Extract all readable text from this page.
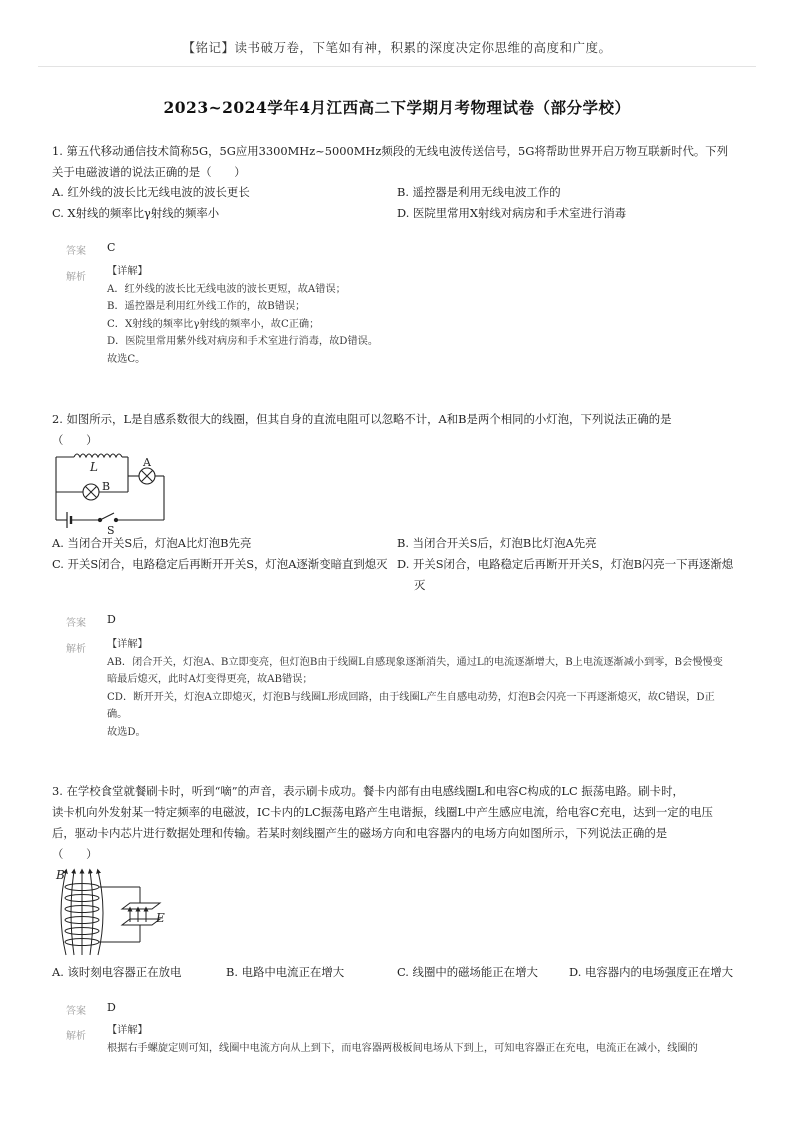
【铭记】读书破万卷，下笔如有神，积累的深度决定你思维的高度和广度。
2023~2024学年4月江西高二下学期月考物理试卷（部分学校）
1. 第五代移动通信技术简称5G，5G应用3300MHz~5000MHz频段的无线电波传送信号，5G将帮助世界开启万物互联新时代。下列
关于电磁波谱的说法正确的是（　　）
A. 红外线的波长比无线电波的波长更长	B. 遥控器是利用无线电波工作的
C. X射线的频率比γ射线的频率小	D. 医院里常用X射线对病房和手术室进行消毒
答案 C
解析
【详解】
A．红外线的波长比无线电波的波长更短，故A错误；
B．遥控器是利用红外线工作的，故B错误；
C．X射线的频率比γ射线的频率小，故C正确；
D．医院里常用紫外线对病房和手术室进行消毒，故D错误。
故选C。
2. 如图所示，L是自感系数很大的线圈，但其自身的直流电阻可以忽略不计，A和B是两个相同的小灯泡，下列说法正确的是
（　　）
L	A
B
S
A. 当闭合开关S后，灯泡A比灯泡B先亮	B. 当闭合开关S后，灯泡B比灯泡A先亮
C. 开关S闭合，电路稳定后再断开开关S，灯泡A逐渐变暗直到熄灭 D. 开关S闭合，电路稳定后再断开开关S，灯泡B闪亮一下再逐渐熄
灭
答案 D
解析 【详解】
AB．闭合开关，灯泡A、B立即变亮，但灯泡B由于线圈L自感现象逐渐消失，通过L的电流逐渐增大，B上电流逐渐减小到零，B会慢慢变
暗最后熄灭，此时A灯变得更亮，故AB错误；
CD．断开开关，灯泡A立即熄灭，灯泡B与线圈L形成回路，由于线圈L产生自感电动势，灯泡B会闪亮一下再逐渐熄灭，故C错误，D正
确。
故选D。
3. 在学校食堂就餐刷卡时，听到“嘀”的声音，表示刷卡成功。餐卡内部有由电感线圈L和电容C构成的LC 振荡电路。刷卡时，
读卡机向外发射某一特定频率的电磁波，IC卡内的LC振荡电路产生电谐振，线圈L中产生感应电流，给电容C充电，达到一定的电压
后，驱动卡内芯片进行数据处理和传输。若某时刻线圈产生的磁场方向和电容器内的电场方向如图所示，下列说法正确的是
（　　）
B
E
A. 该时刻电容器正在放电	B. 电路中电流正在增大	C. 线圈中的磁场能正在增大	D. 电容器内的电场强度正在增大
答案 D
解析
【详解】
根据右手螺旋定则可知，线圈中电流方向从上到下，而电容器两极板间电场从下到上，可知电容器正在充电，电流正在减小，线圈的
